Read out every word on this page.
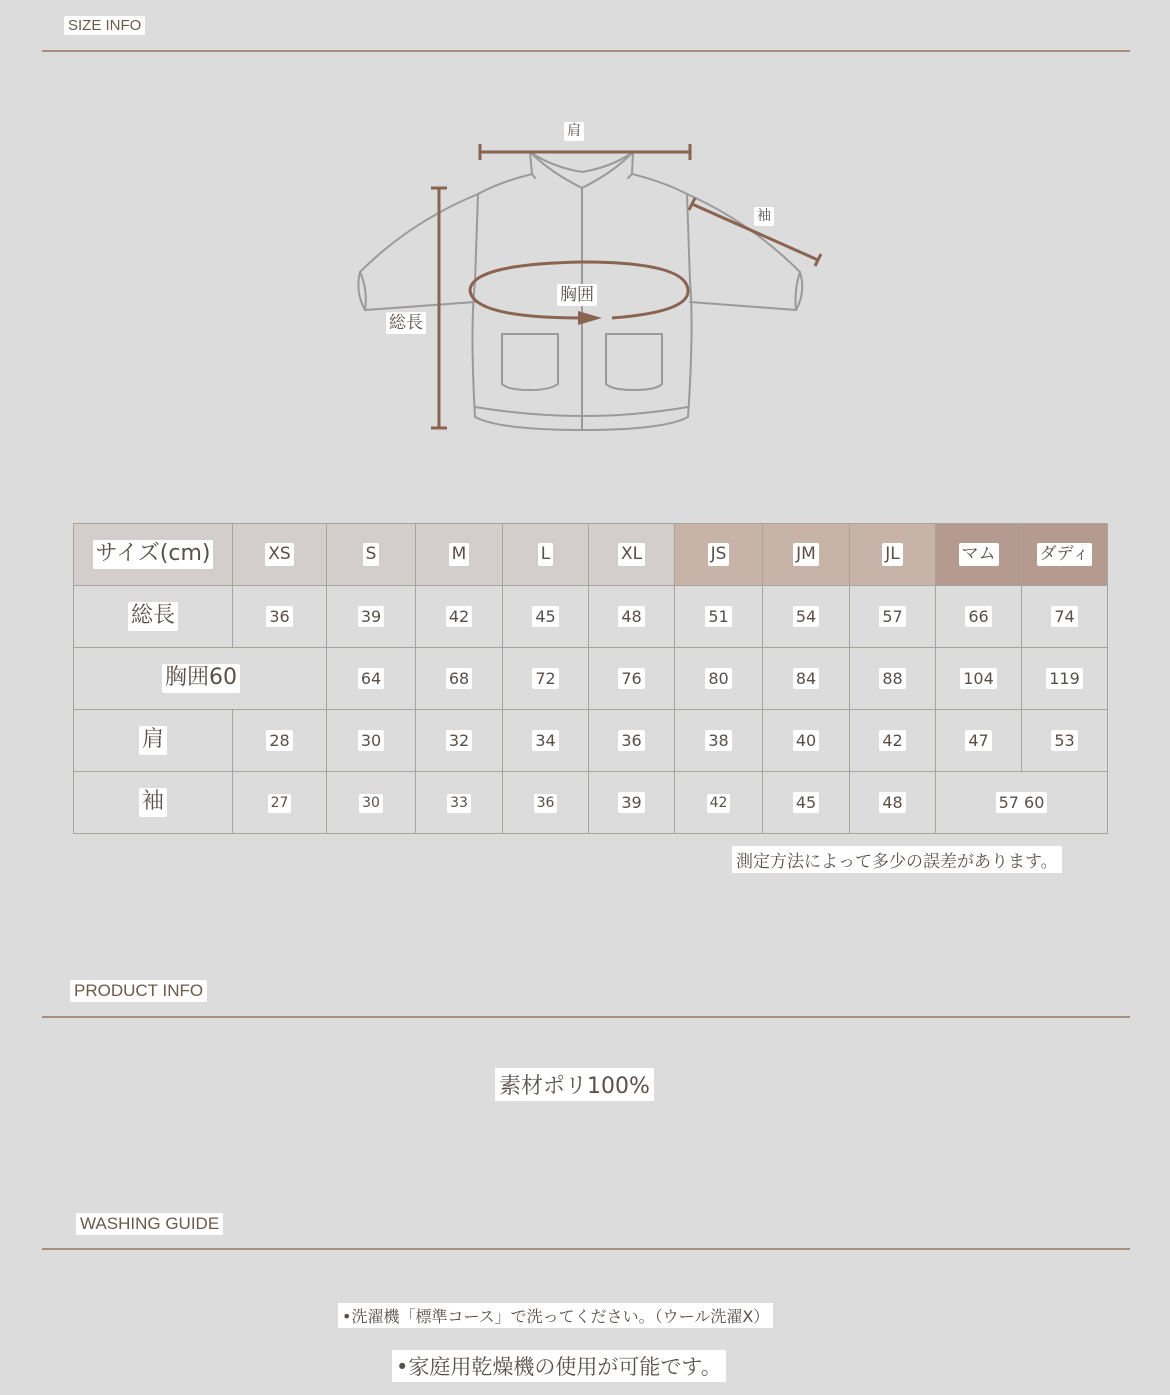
SIZE INFO
肩
袖
胸囲
総長
サイズ(cm)	XS	S	M	L	XL	JS	JM	JL	マム	ダディ
総長	36	39	42	45	48	51	54	57	66	74
胸囲60		64	68	72	76	80	84	88	104	119
肩	28	30	32	34	36	38	40	42	47	53
袖	27	30	33	36	39	42	45	48	57 60	
測定方法によって多少の誤差があります。
PRODUCT INFO
素材ポリ100%
WASHING GUIDE
•洗濯機「標準コース」で洗ってください。（ウール洗濯X）
•家庭用乾燥機の使用が可能です。
